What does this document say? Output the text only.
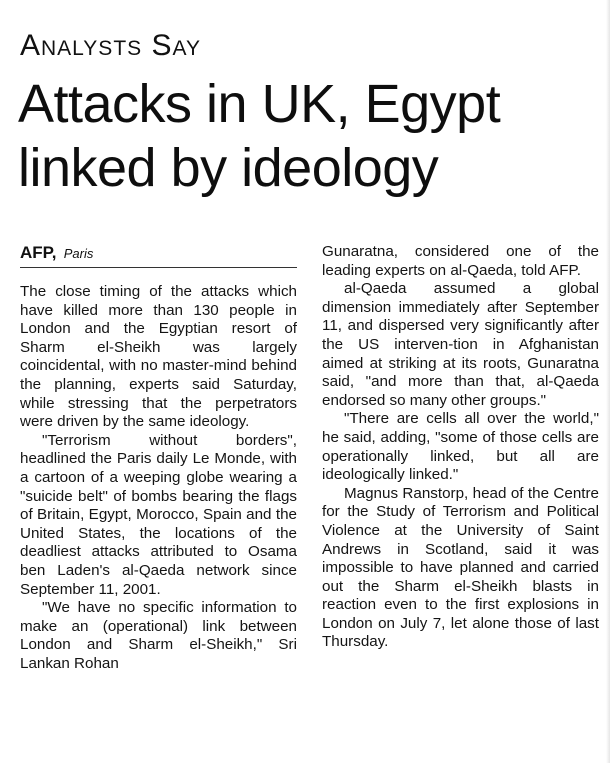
Analysts Say
Attacks in UK, Egypt linked by ideology
AFP, Paris

The close timing of the attacks which have killed more than 130 people in London and the Egyptian resort of Sharm el-Sheikh was largely coincidental, with no master-mind behind the planning, experts said Saturday, while stressing that the perpetrators were driven by the same ideology.

"Terrorism without borders", headlined the Paris daily Le Monde, with a cartoon of a weeping globe wearing a "suicide belt" of bombs bearing the flags of Britain, Egypt, Morocco, Spain and the United States, the locations of the deadliest attacks attributed to Osama ben Laden's al-Qaeda network since September 11, 2001.

"We have no specific information to make an (operational) link between London and Sharm el-Sheikh," Sri Lankan Rohan

Gunaratna, considered one of the leading experts on al-Qaeda, told AFP.

al-Qaeda assumed a global dimension immediately after September 11, and dispersed very significantly after the US interven-tion in Afghanistan aimed at striking at its roots, Gunaratna said, "and more than that, al-Qaeda endorsed so many other groups."

"There are cells all over the world," he said, adding, "some of those cells are operationally linked, but all are ideologically linked."

Magnus Ranstorp, head of the Centre for the Study of Terrorism and Political Violence at the University of Saint Andrews in Scotland, said it was impossible to have planned and carried out the Sharm el-Sheikh blasts in reaction even to the first explosions in London on July 7, let alone those of last Thursday.
